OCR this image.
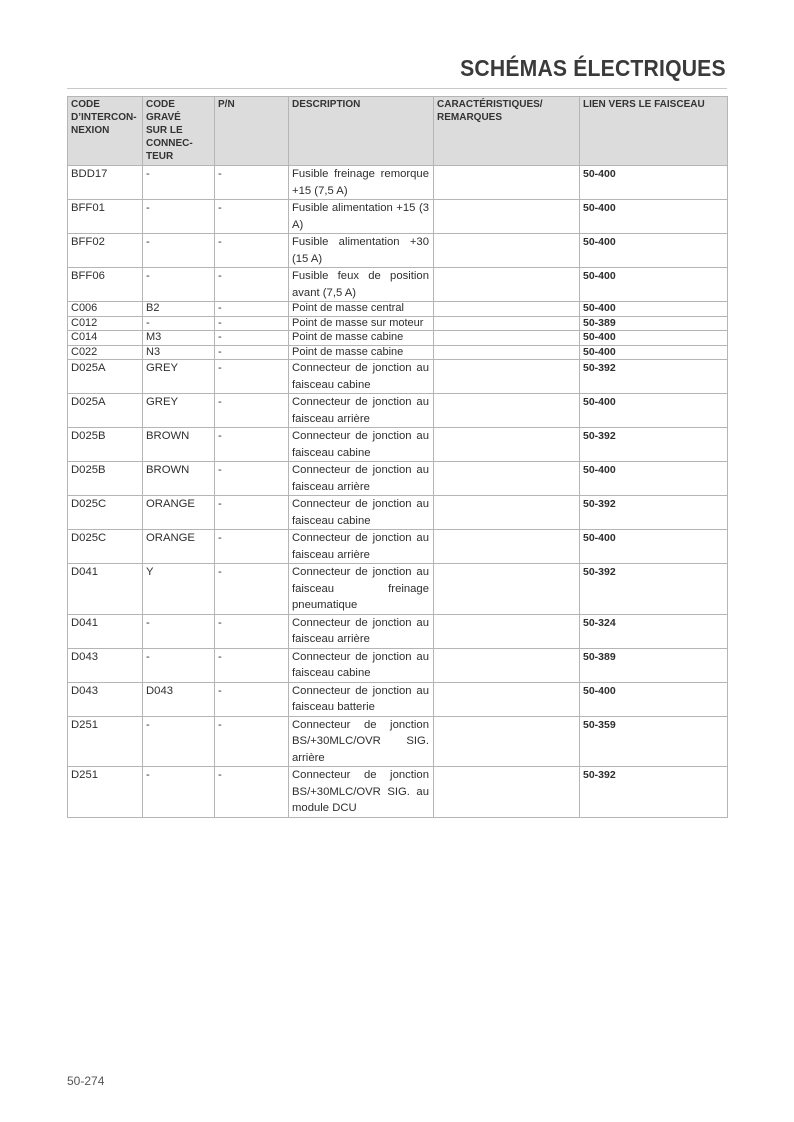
SCHÉMAS ÉLECTRIQUES
CODE
D’INTERCON-
NEXION	CODE GRAVÉ
SUR LE
CONNEC-
TEUR	P/N	DESCRIPTION	CARACTÉRISTIQUES/
REMARQUES	LIEN VERS LE FAISCEAU
BDD17	-	-	Fusible freinage remorque +15 (7,5 A)		50-400
BFF01	-	-	Fusible alimentation +15 (3 A)		50-400
BFF02	-	-	Fusible alimentation +30 (15 A)		50-400
BFF06	-	-	Fusible feux de position avant (7,5 A)		50-400
C006	B2	-	Point de masse central		50-400
C012	-	-	Point de masse sur moteur		50-389
C014	M3	-	Point de masse cabine		50-400
C022	N3	-	Point de masse cabine		50-400
D025A	GREY	-	Connecteur de jonction au faisceau cabine		50-392
D025A	GREY	-	Connecteur de jonction au faisceau arrière		50-400
D025B	BROWN	-	Connecteur de jonction au faisceau cabine		50-392
D025B	BROWN	-	Connecteur de jonction au faisceau arrière		50-400
D025C	ORANGE	-	Connecteur de jonction au faisceau cabine		50-392
D025C	ORANGE	-	Connecteur de jonction au faisceau arrière		50-400
D041	Y	-	Connecteur de jonction au faisceau freinage pneumatique		50-392
D041	-	-	Connecteur de jonction au faisceau arrière		50-324
D043	-	-	Connecteur de jonction au faisceau cabine		50-389
D043	D043	-	Connecteur de jonction au faisceau batterie		50-400
D251	-	-	Connecteur de jonction BS/+30MLC/OVR SIG. arrière		50-359
D251	-	-	Connecteur de jonction BS/+30MLC/OVR SIG. au module DCU		50-392
50-274
